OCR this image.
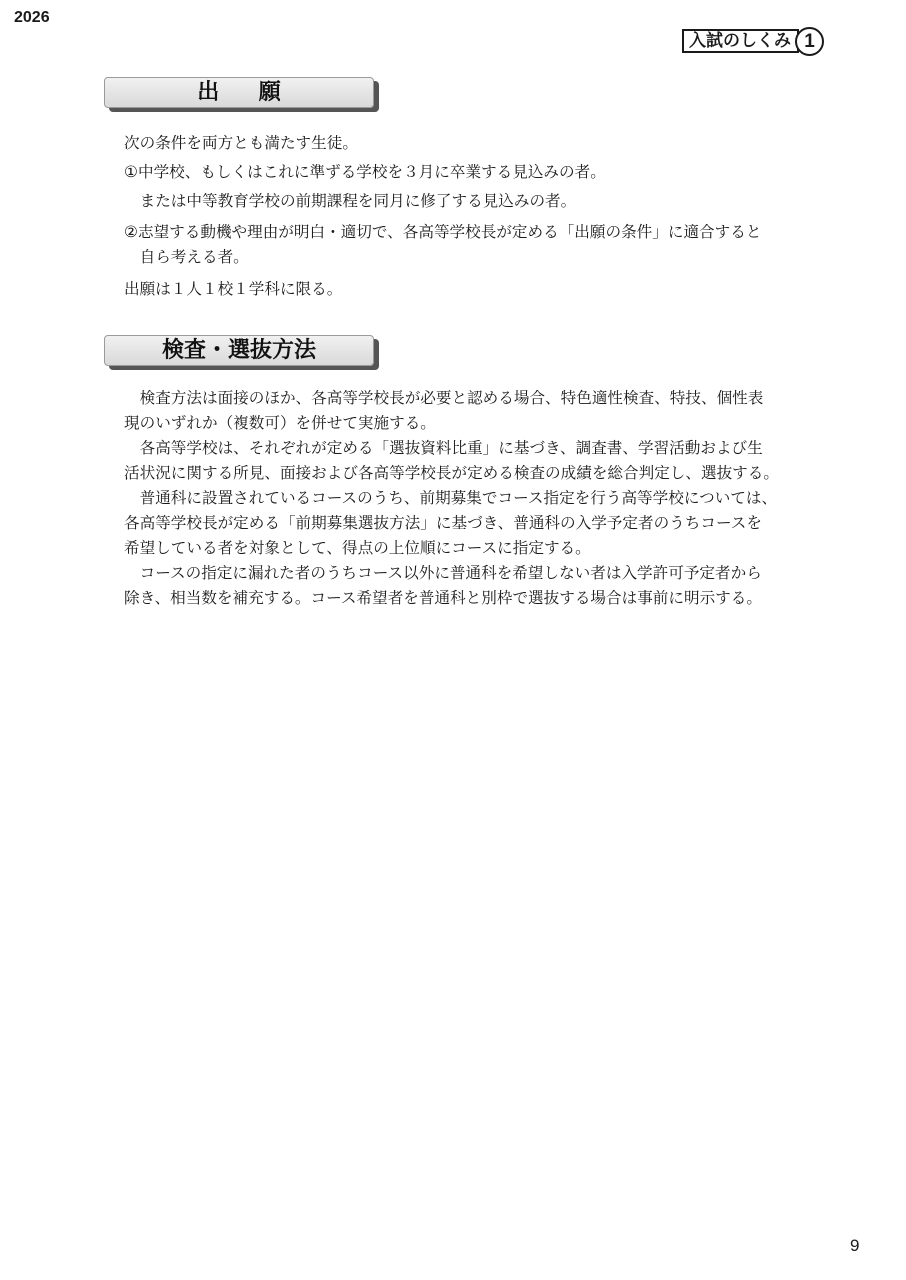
2026
入試のしくみ 1
出願

次の条件を両方とも満たす生徒。

①中学校、もしくはこれに準ずる学校を３月に卒業する見込みの者。

　または中等教育学校の前期課程を同月に修了する見込みの者。

②志望する動機や理由が明白・適切で、各高等学校長が定める「出願の条件」に適合すると

自ら考える者。

出願は１人１校１学科に限る。

検査・選抜方法

検査方法は面接のほか、各高等学校長が必要と認める場合、特色適性検査、特技、個性表

現のいずれか（複数可）を併せて実施する。

各高等学校は、それぞれが定める「選抜資料比重」に基づき、調査書、学習活動および生

活状況に関する所見、面接および各高等学校長が定める検査の成績を総合判定し、選抜する。

普通科に設置されているコースのうち、前期募集でコース指定を行う高等学校については、

各高等学校長が定める「前期募集選抜方法」に基づき、普通科の入学予定者のうちコースを

希望している者を対象として、得点の上位順にコースに指定する。

コースの指定に漏れた者のうちコース以外に普通科を希望しない者は入学許可予定者から

除き、相当数を補充する。コース希望者を普通科と別枠で選抜する場合は事前に明示する。

9
